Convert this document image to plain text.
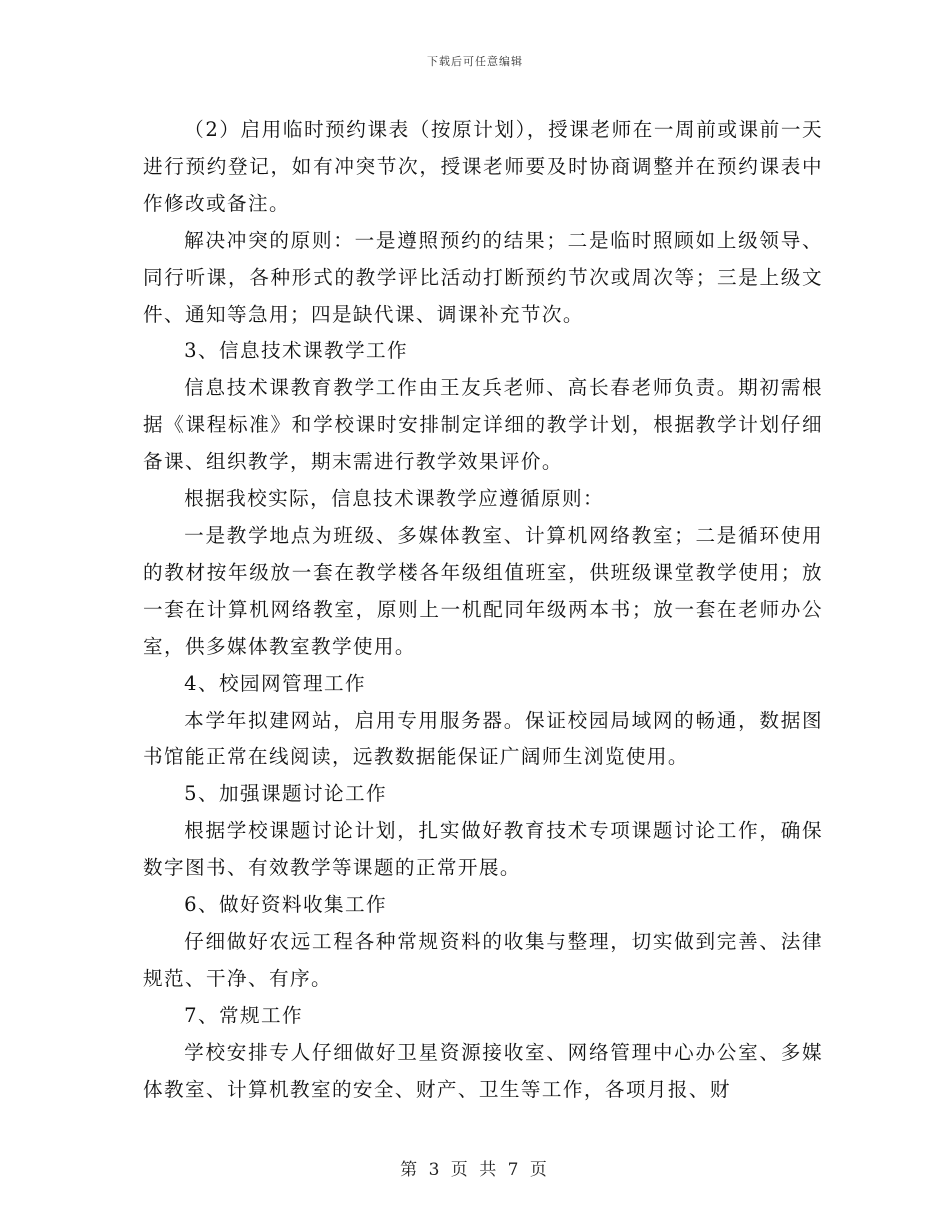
下载后可任意编辑

（2）启用临时预约课表（按原计划），授课老师在一周前或课前一天进行预约登记，如有冲突节次，授课老师要及时协商调整并在预约课表中作修改或备注。

解决冲突的原则：一是遵照预约的结果；二是临时照顾如上级领导、同行听课，各种形式的教学评比活动打断预约节次或周次等；三是上级文件、通知等急用；四是缺代课、调课补充节次。

3、信息技术课教学工作

信息技术课教育教学工作由王友兵老师、高长春老师负责。期初需根据《课程标准》和学校课时安排制定详细的教学计划，根据教学计划仔细备课、组织教学，期末需进行教学效果评价。

根据我校实际，信息技术课教学应遵循原则：

一是教学地点为班级、多媒体教室、计算机网络教室；二是循环使用的教材按年级放一套在教学楼各年级组值班室，供班级课堂教学使用；放一套在计算机网络教室，原则上一机配同年级两本书；放一套在老师办公室，供多媒体教室教学使用。

4、校园网管理工作

本学年拟建网站，启用专用服务器。保证校园局域网的畅通，数据图书馆能正常在线阅读，远教数据能保证广阔师生浏览使用。

5、加强课题讨论工作

根据学校课题讨论计划，扎实做好教育技术专项课题讨论工作，确保数字图书、有效教学等课题的正常开展。

6、做好资料收集工作

仔细做好农远工程各种常规资料的收集与整理，切实做到完善、法律规范、干净、有序。

7、常规工作

学校安排专人仔细做好卫星资源接收室、网络管理中心办公室、多媒体教室、计算机教室的安全、财产、卫生等工作，各项月报、财

第 3 页 共 7 页
